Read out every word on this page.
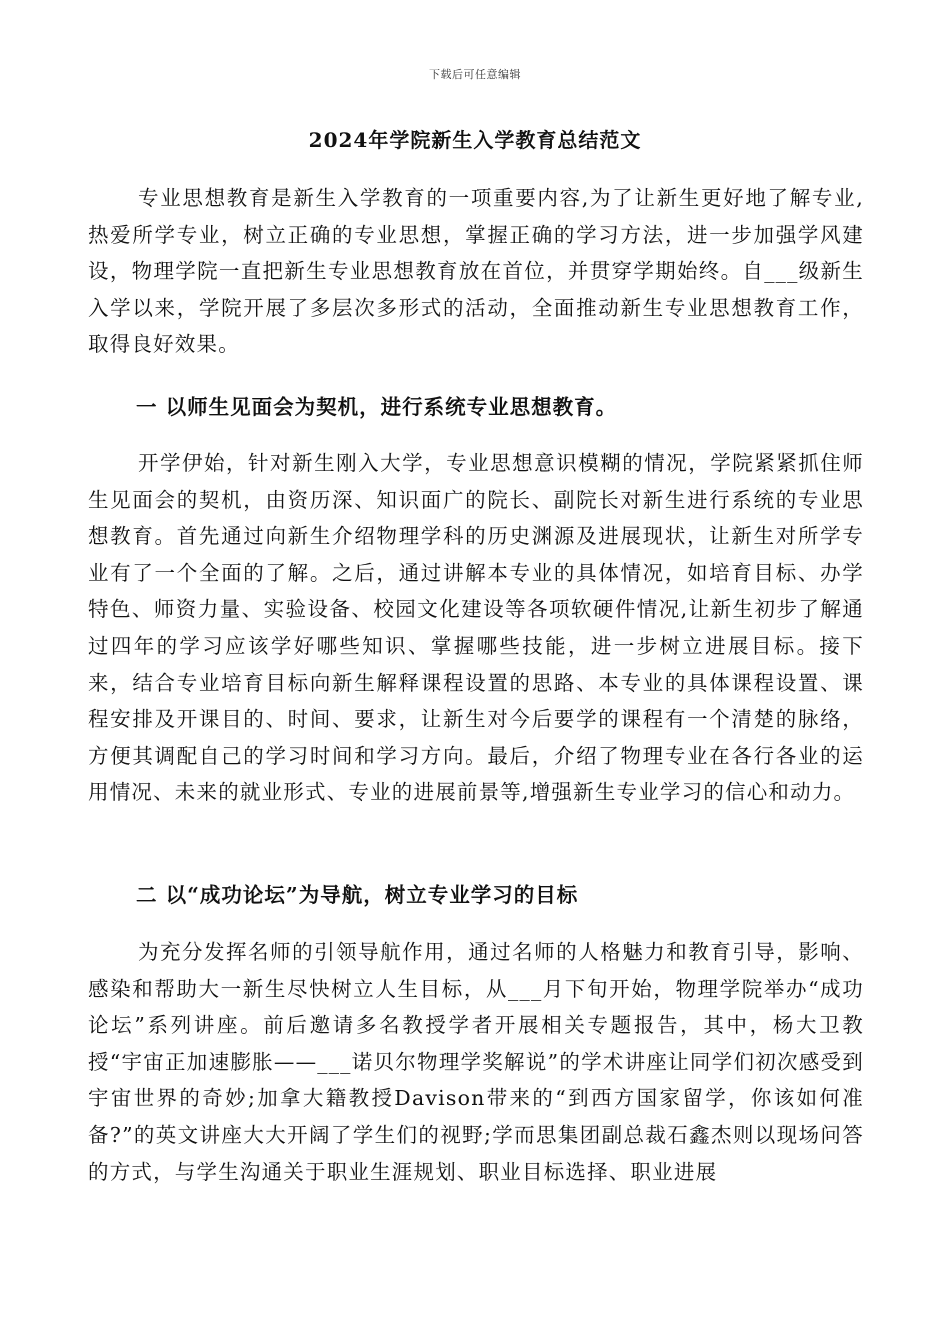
下载后可任意编辑
2024年学院新生入学教育总结范文

专业思想教育是新生入学教育的一项重要内容,为了让新生更好地了解专业, 热爱所学专业，树立正确的专业思想，掌握正确的学习方法，进一步加强学风建设，物理学院一直把新生专业思想教育放在首位，并贯穿学期始终。自___级新生入学以来，学院开展了多层次多形式的活动，全面推动新生专业思想教育工作，取得良好效果。

一 以师生见面会为契机，进行系统专业思想教育。

开学伊始，针对新生刚入大学，专业思想意识模糊的情况，学院紧紧抓住师生见面会的契机，由资历深、知识面广的院长、副院长对新生进行系统的专业思想教育。首先通过向新生介绍物理学科的历史渊源及进展现状，让新生对所学专业有了一个全面的了解。之后，通过讲解本专业的具体情况，如培育目标、办学特色、师资力量、实验设备、校园文化建设等各项软硬件情况,让新生初步了解通过四年的学习应该学好哪些知识、掌握哪些技能，进一步树立进展目标。接下来，结合专业培育目标向新生解释课程设置的思路、本专业的具体课程设置、课程安排及开课目的、时间、要求，让新生对今后要学的课程有一个清楚的脉络，方便其调配自己的学习时间和学习方向。最后，介绍了物理专业在各行各业的运用情况、未来的就业形式、专业的进展前景等,增强新生专业学习的信心和动力。

二 以“成功论坛”为导航，树立专业学习的目标

为充分发挥名师的引领导航作用，通过名师的人格魅力和教育引导，影响、感染和帮助大一新生尽快树立人生目标，从___月下旬开始，物理学院举办“成功论坛”系列讲座。前后邀请多名教授学者开展相关专题报告，其中，杨大卫教授“宇宙正加速膨胀——___诺贝尔物理学奖解说”的学术讲座让同学们初次感受到宇宙世界的奇妙;加拿大籍教授Davison带来的“到西方国家留学，你该如何准备?”的英文讲座大大开阔了学生们的视野;学而思集团副总裁石鑫杰则以现场问答的方式，与学生沟通关于职业生涯规划、职业目标选择、职业进展
